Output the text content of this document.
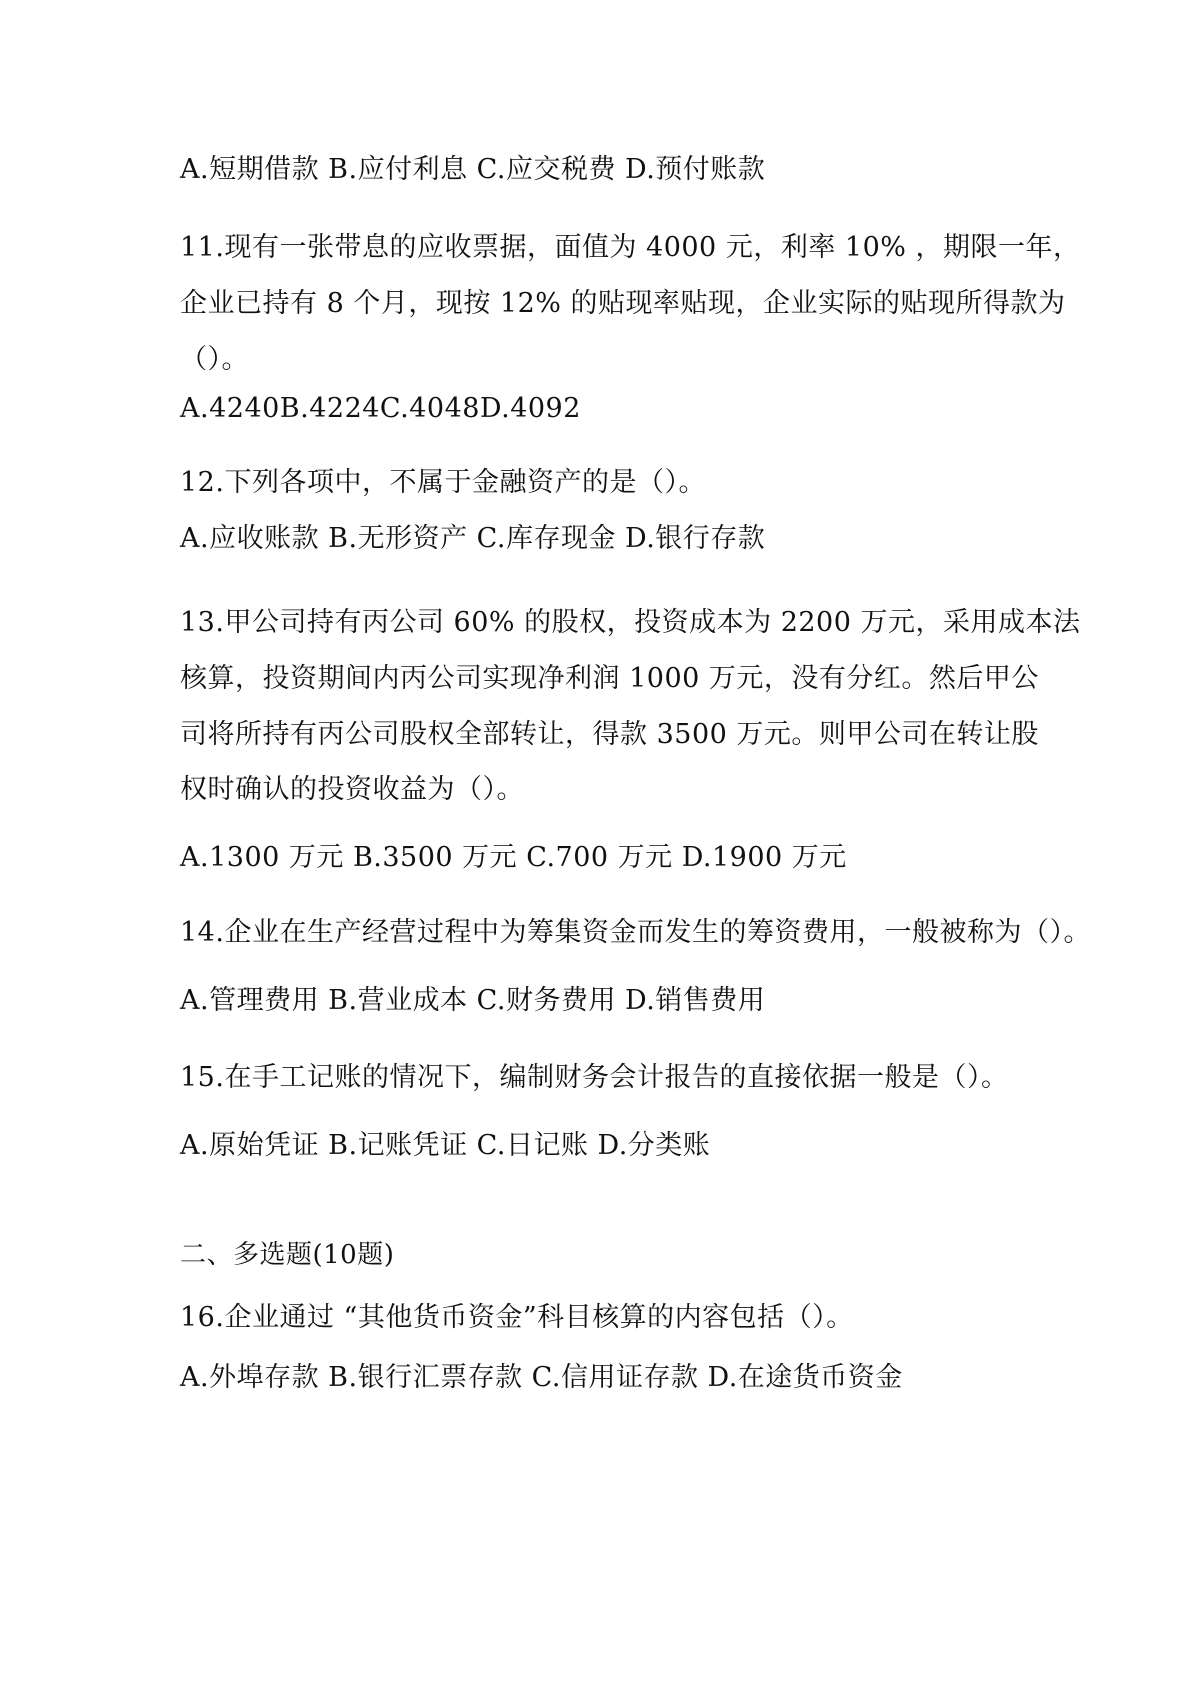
A.短期借款 B.应付利息 C.应交税费 D.预付账款
11.现有一张带息的应收票据，面值为 4000 元，利率 10% ，期限一年，
企业已持有 8 个月，现按 12% 的贴现率贴现，企业实际的贴现所得款为
（）。
A.4240B.4224C.4048D.4092
12.下列各项中，不属于金融资产的是（）。
A.应收账款 B.无形资产 C.库存现金 D.银行存款
13.甲公司持有丙公司 60% 的股权，投资成本为 2200 万元，采用成本法
核算，投资期间内丙公司实现净利润 1000 万元，没有分红。然后甲公
司将所持有丙公司股权全部转让，得款 3500 万元。则甲公司在转让股
权时确认的投资收益为（）。
A.1300 万元 B.3500 万元 C.700 万元 D.1900 万元
14.企业在生产经营过程中为筹集资金而发生的筹资费用，一般被称为（）。
A.管理费用 B.营业成本 C.财务费用 D.销售费用
15.在手工记账的情况下，编制财务会计报告的直接依据一般是（）。
A.原始凭证 B.记账凭证 C.日记账 D.分类账
二、多选题(10题)
16.企业通过 “其他货币资金”科目核算的内容包括（）。
A.外埠存款 B.银行汇票存款 C.信用证存款 D.在途货币资金
